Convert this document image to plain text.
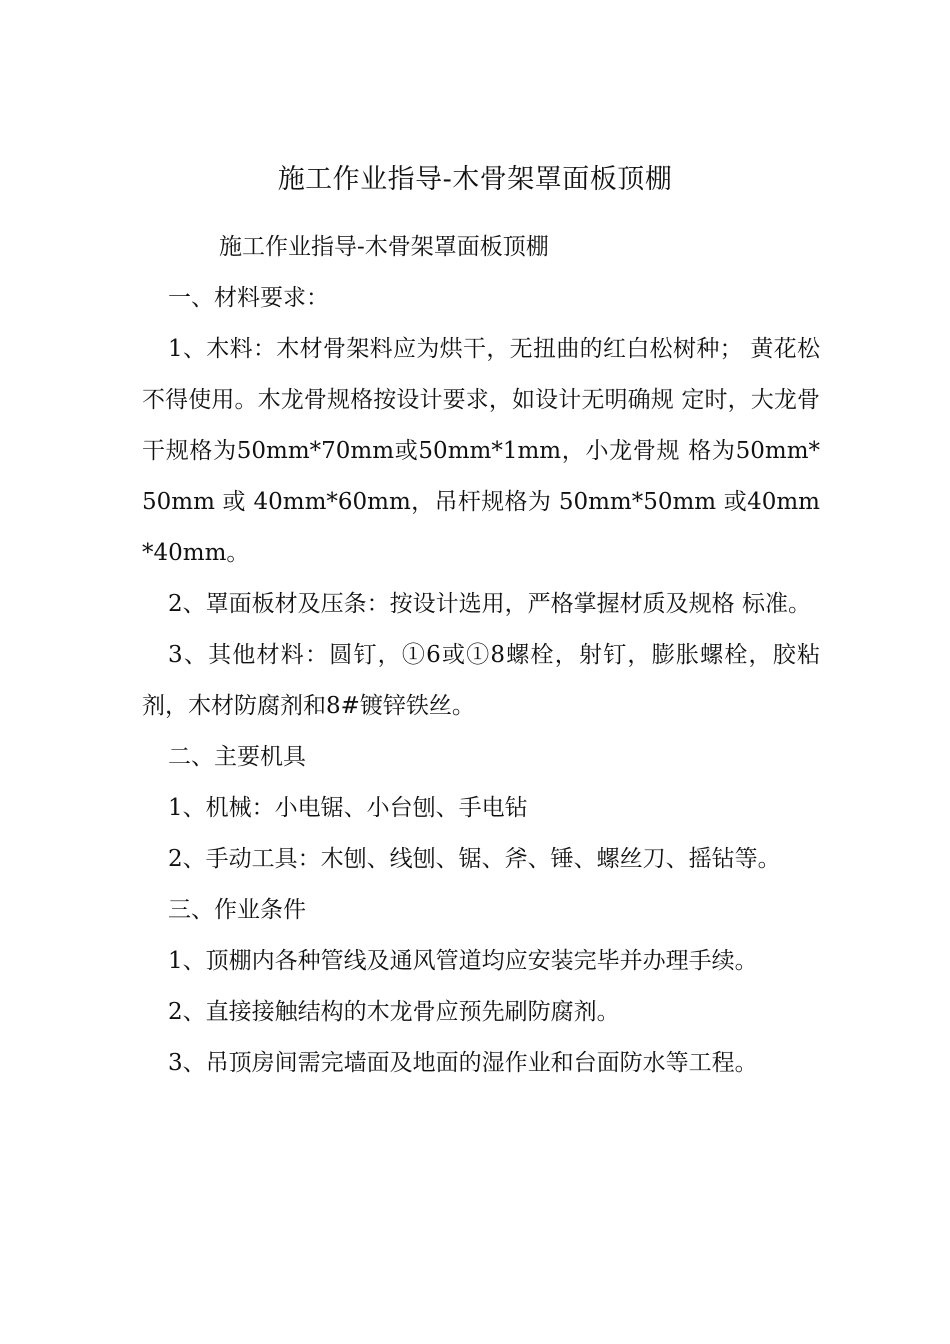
施工作业指导-木骨架罩面板顶棚

施工作业指导-木骨架罩面板顶棚

一、材料要求：

1、木料：木材骨架料应为烘干，无扭曲的红白松树种； 黄花松不得使用。木龙骨规格按设计要求，如设计无明确规 定时，大龙骨干规格为50mm*70mm或50mm*1mm，小龙骨规 格为50mm*50mm 或 40mm*60mm，吊杆规格为 50mm*50mm 或40mm*40mm。

2、罩面板材及压条：按设计选用，严格掌握材质及规格 标准。

3、其他材料：圆钉，①6或①8螺栓，射钉，膨胀螺栓，胶粘剂，木材防腐剂和8#镀锌铁丝。

二、主要机具

1、机械：小电锯、小台刨、手电钻

2、手动工具：木刨、线刨、锯、斧、锤、螺丝刀、摇钻等。

三、作业条件

1、顶棚内各种管线及通风管道均应安装完毕并办理手续。

2、直接接触结构的木龙骨应预先刷防腐剂。

3、吊顶房间需完墙面及地面的湿作业和台面防水等工程。
